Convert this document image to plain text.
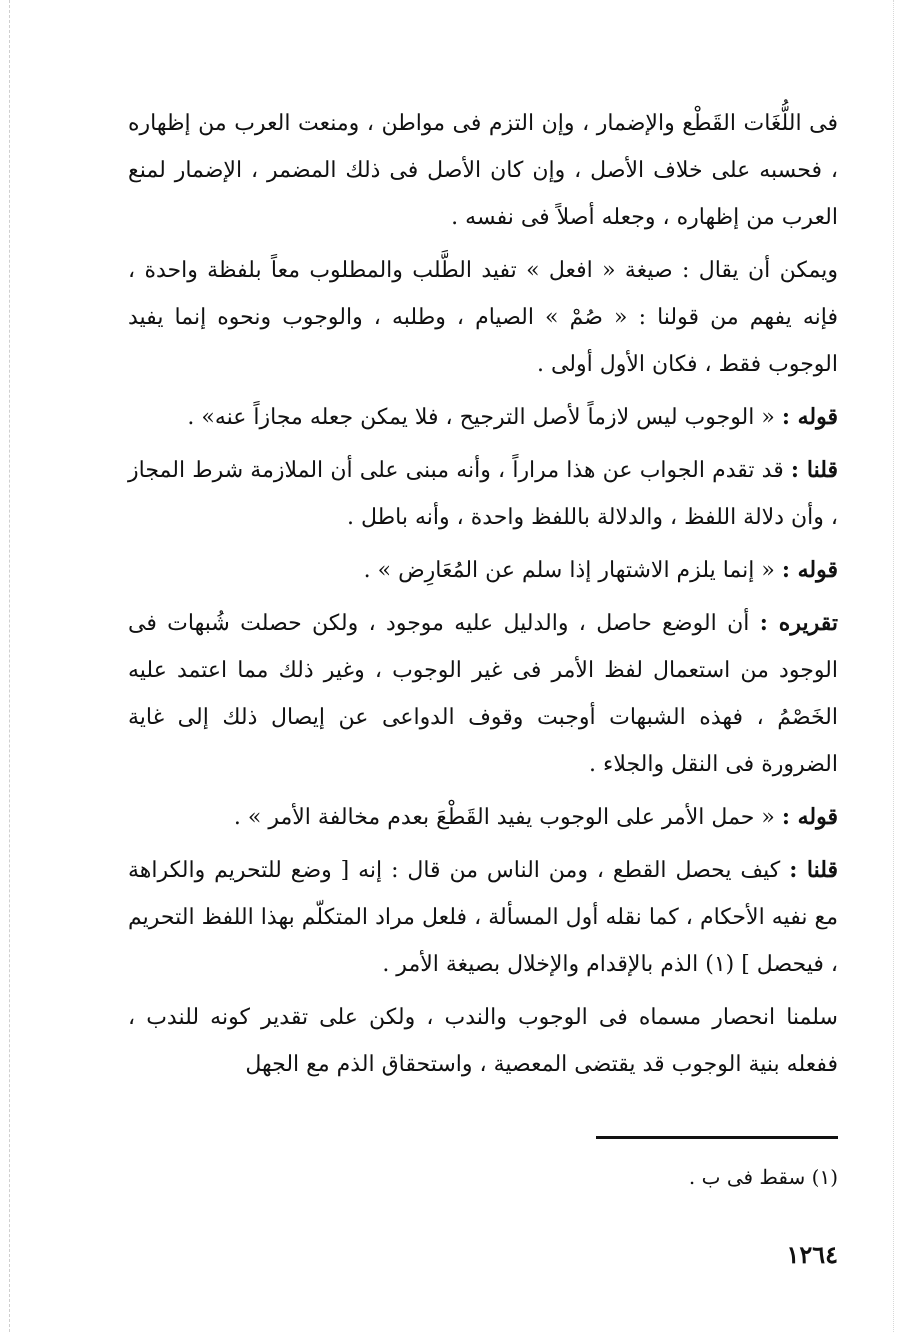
فى اللُّغَات القَطْع والإضمار ، وإن التزم فى مواطن ، ومنعت العرب من إظهاره ، فحسبه على خلاف الأصل ، وإن كان الأصل فى ذلك المضمر ، الإضمار لمنع العرب من إظهاره ، وجعله أصلاً فى نفسه .

ويمكن أن يقال : صيغة « افعل » تفيد الطَّلب والمطلوب معاً بلفظة واحدة ، فإنه يفهم من قولنا : « صُمْ » الصيام ، وطلبه ، والوجوب ونحوه إنما يفيد الوجوب فقط ، فكان الأول أولى .

قوله : « الوجوب ليس لازماً لأصل الترجيح ، فلا يمكن جعله مجازاً عنه» .

قلنا : قد تقدم الجواب عن هذا مراراً ، وأنه مبنى على أن الملازمة شرط المجاز ، وأن دلالة اللفظ ، والدلالة باللفظ واحدة ، وأنه باطل .

قوله : « إنما يلزم الاشتهار إذا سلم عن المُعَارِض » .

تقريره : أن الوضع حاصل ، والدليل عليه موجود ، ولكن حصلت شُبهات فى الوجود من استعمال لفظ الأمر فى غير الوجوب ، وغير ذلك مما اعتمد عليه الخَصْمُ ، فهذه الشبهات أوجبت وقوف الدواعى عن إيصال ذلك إلى غاية الضرورة فى النقل والجلاء .

قوله : « حمل الأمر على الوجوب يفيد القَطْعَ بعدم مخالفة الأمر » .

قلنا : كيف يحصل القطع ، ومن الناس من قال : إنه [ وضع للتحريم والكراهة مع نفيه الأحكام ، كما نقله أول المسألة ، فلعل مراد المتكلّم بهذا اللفظ التحريم ، فيحصل ] (١) الذم بالإقدام والإخلال بصيغة الأمر .

سلمنا انحصار مسماه فى الوجوب والندب ، ولكن على تقدير كونه للندب ، ففعله بنية الوجوب قد يقتضى المعصية ، واستحقاق الذم مع الجهل

(١) سقط فى ب .
١٢٦٤
